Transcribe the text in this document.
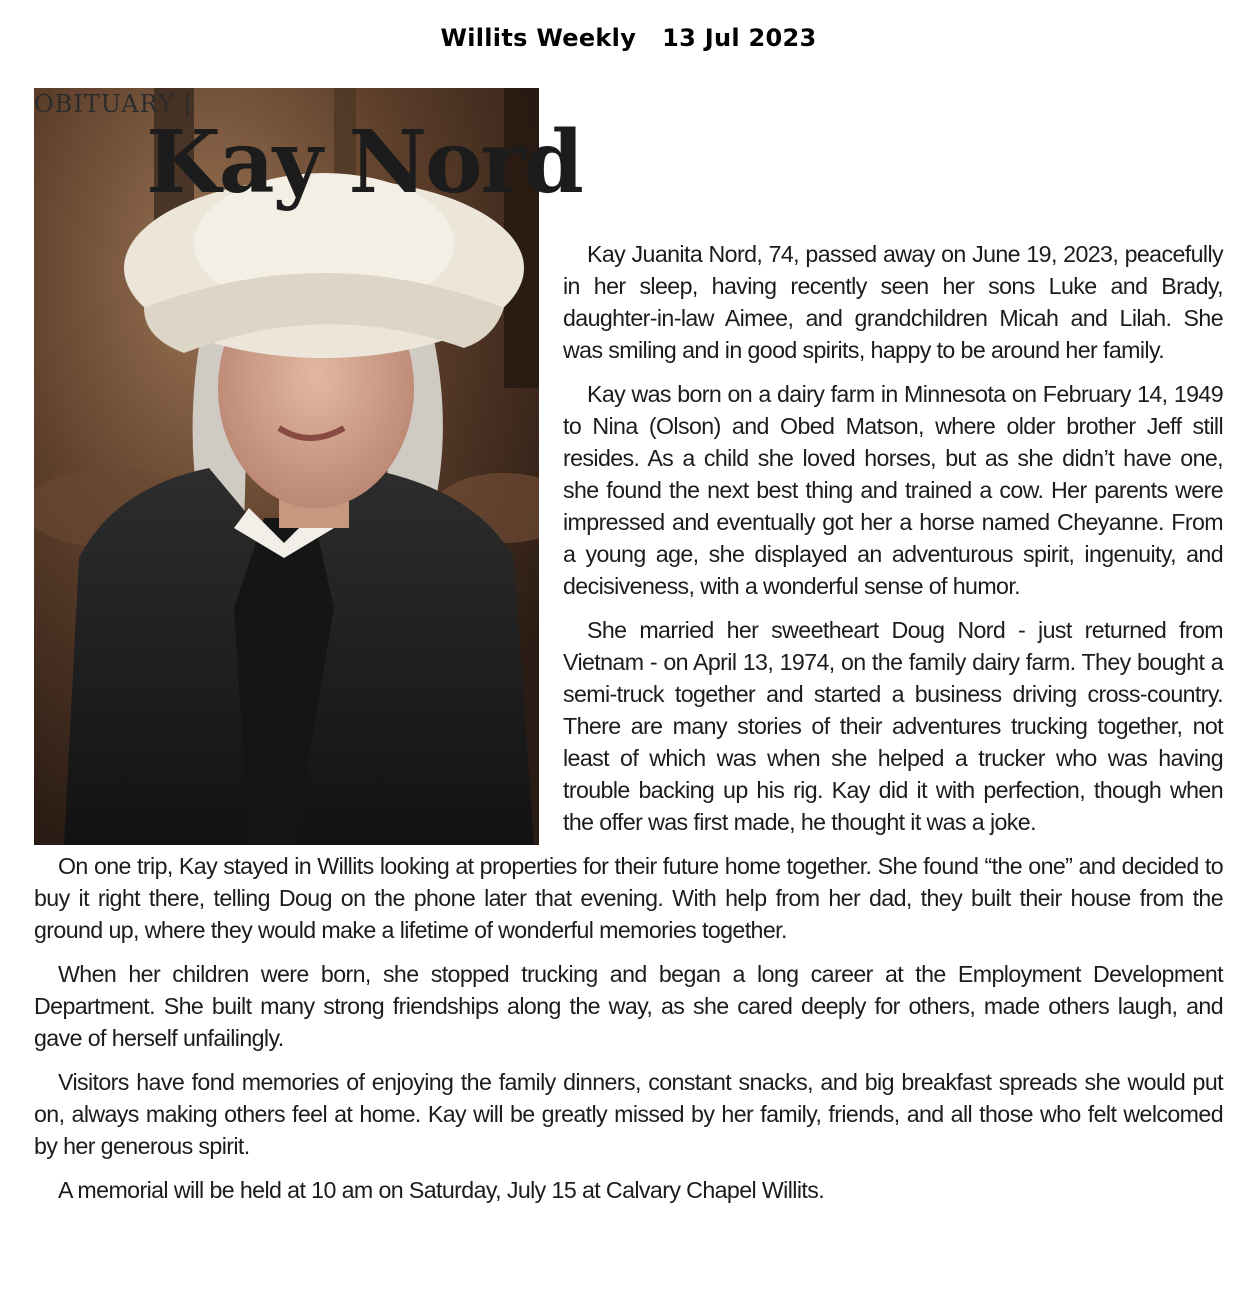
Willits Weekly 13 Jul 2023
OBITUARY |
Kay Nord

Kay Juanita Nord, 74, passed away on June 19, 2023, peacefully in her sleep, having recently seen her sons Luke and Brady, daughter-in-law Aimee, and grandchildren Micah and Lilah. She was smiling and in good spirits, happy to be around her family.

Kay was born on a dairy farm in Minnesota on February 14, 1949 to Nina (Olson) and Obed Matson, where older brother Jeff still resides. As a child she loved horses, but as she didn’t have one, she found the next best thing and trained a cow. Her parents were impressed and eventually got her a horse named Cheyanne. From a young age, she displayed an adventurous spirit, ingenuity, and decisiveness, with a wonderful sense of humor.

She married her sweetheart Doug Nord - just returned from Vietnam - on April 13, 1974, on the family dairy farm. They bought a semi-truck together and started a business driving cross-country. There are many stories of their adventures trucking together, not least of which was when she helped a trucker who was having trouble backing up his rig. Kay did it with perfection, though when the offer was first made, he thought it was a joke.

On one trip, Kay stayed in Willits looking at properties for their future home together. She found “the one” and decided to buy it right there, telling Doug on the phone later that evening. With help from her dad, they built their house from the ground up, where they would make a lifetime of wonderful memories together.

When her children were born, she stopped trucking and began a long career at the Employment Development Department. She built many strong friendships along the way, as she cared deeply for others, made others laugh, and gave of herself unfailingly.

Visitors have fond memories of enjoying the family dinners, constant snacks, and big breakfast spreads she would put on, always making others feel at home. Kay will be greatly missed by her family, friends, and all those who felt welcomed by her generous spirit.

A memorial will be held at 10 am on Saturday, July 15 at Calvary Chapel Willits.
